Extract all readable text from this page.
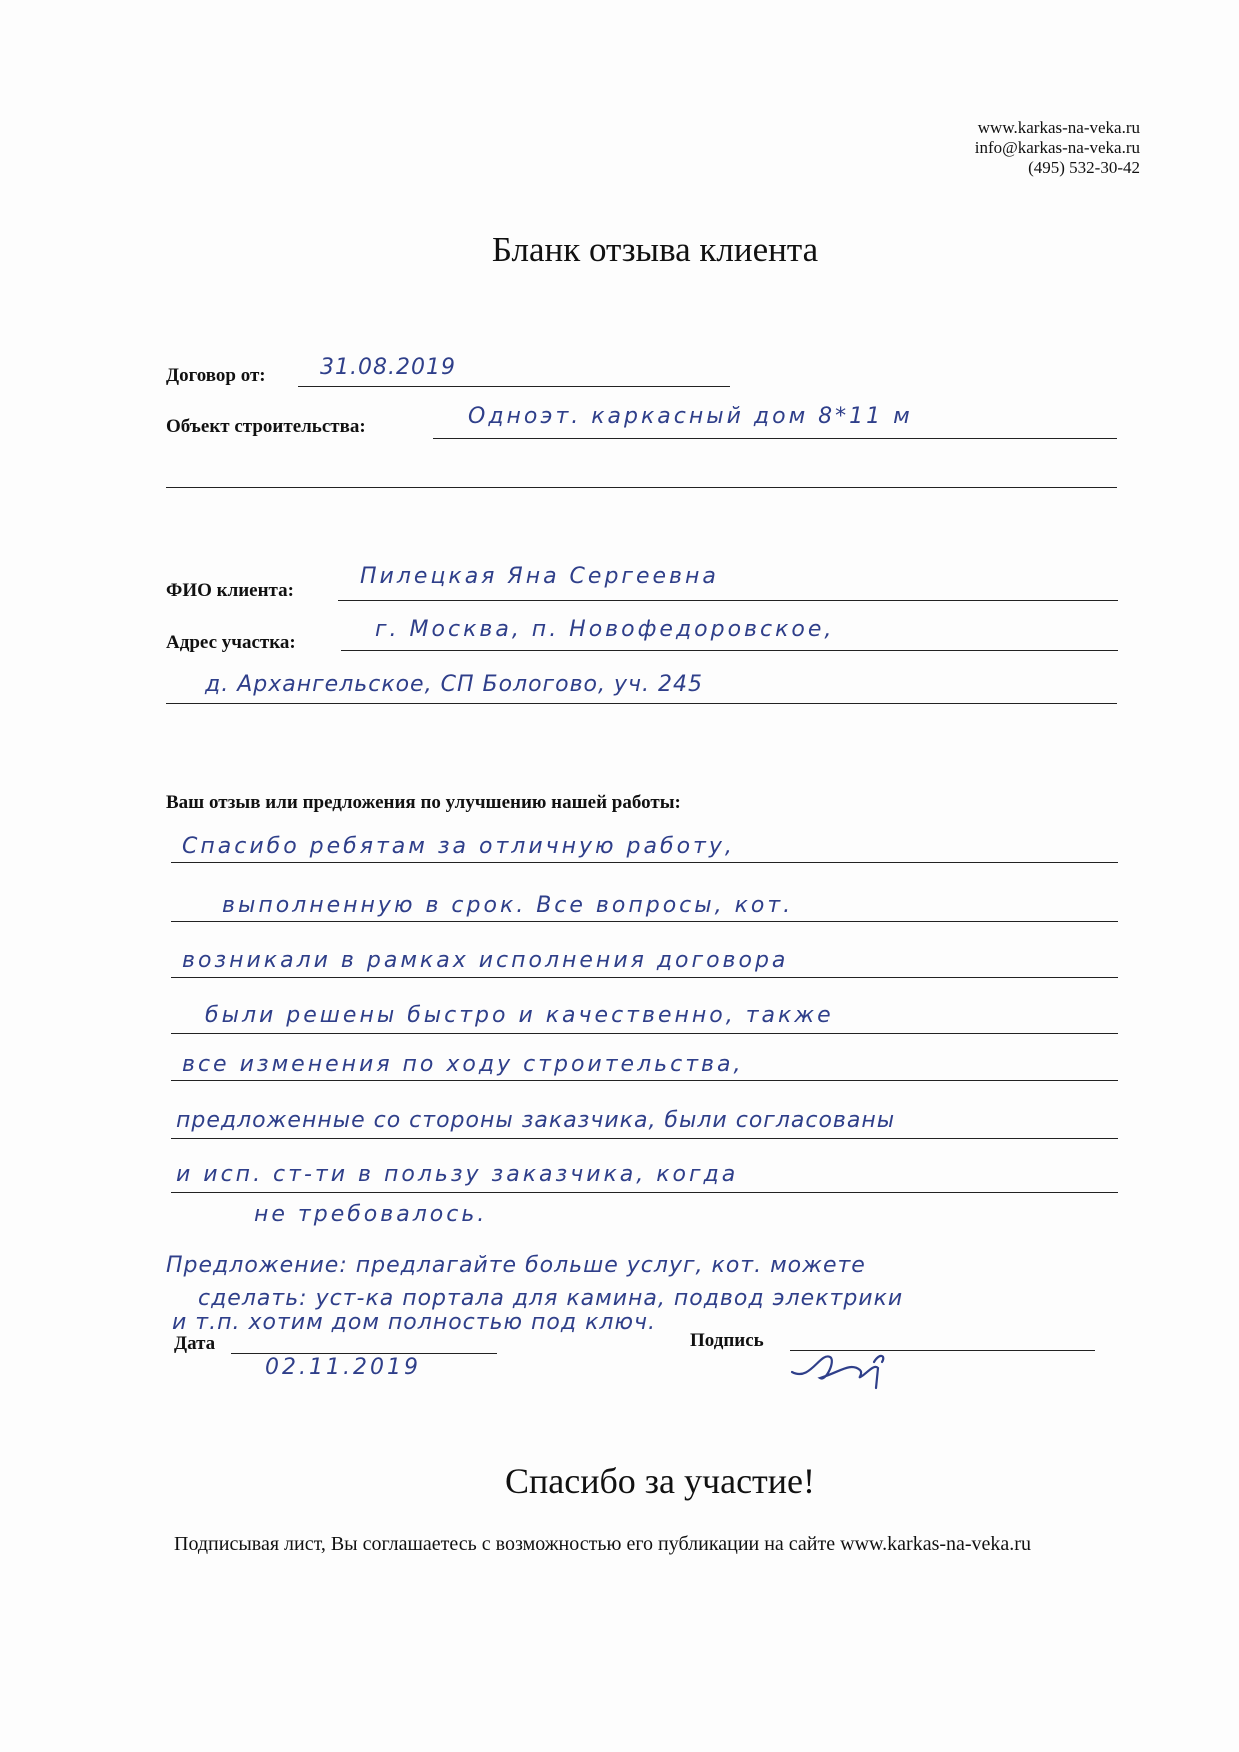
www.karkas-na-veka.ru
info@karkas-na-veka.ru
(495) 532-30-42
Бланк отзыва клиента
Договор от: 31.08.2019
Объект строительства:	Одноэт. каркасный дом 8*11 м
ФИО клиента:
Пилецкая Яна Сергеевна
Адрес участка:
г. Москва, п. Новофедоровское,
д. Архангельское, СП Бологово, уч. 245
Ваш отзыв или предложения по улучшению нашей работы:
Спасибо ребятам за отличную работу,
выполненную в срок. Все вопросы, кот.
возникали в рамках исполнения договора
были решены быстро и качественно, также
все изменения по ходу строительства,
предложенные со стороны заказчика, были согласованы
и исп. ст-ти в пользу заказчика, когда
не требовалось.
Предложение: предлагайте больше услуг, кот. можете
сделать: уст-ка портала для камина, подвод электрики
и т.п. хотим дом полностью под ключ.
Дата
02.11.2019
Подпись
Спасибо за участие!
Подписывая лист, Вы соглашаетесь с возможностью его публикации на сайте www.karkas-na-veka.ru
